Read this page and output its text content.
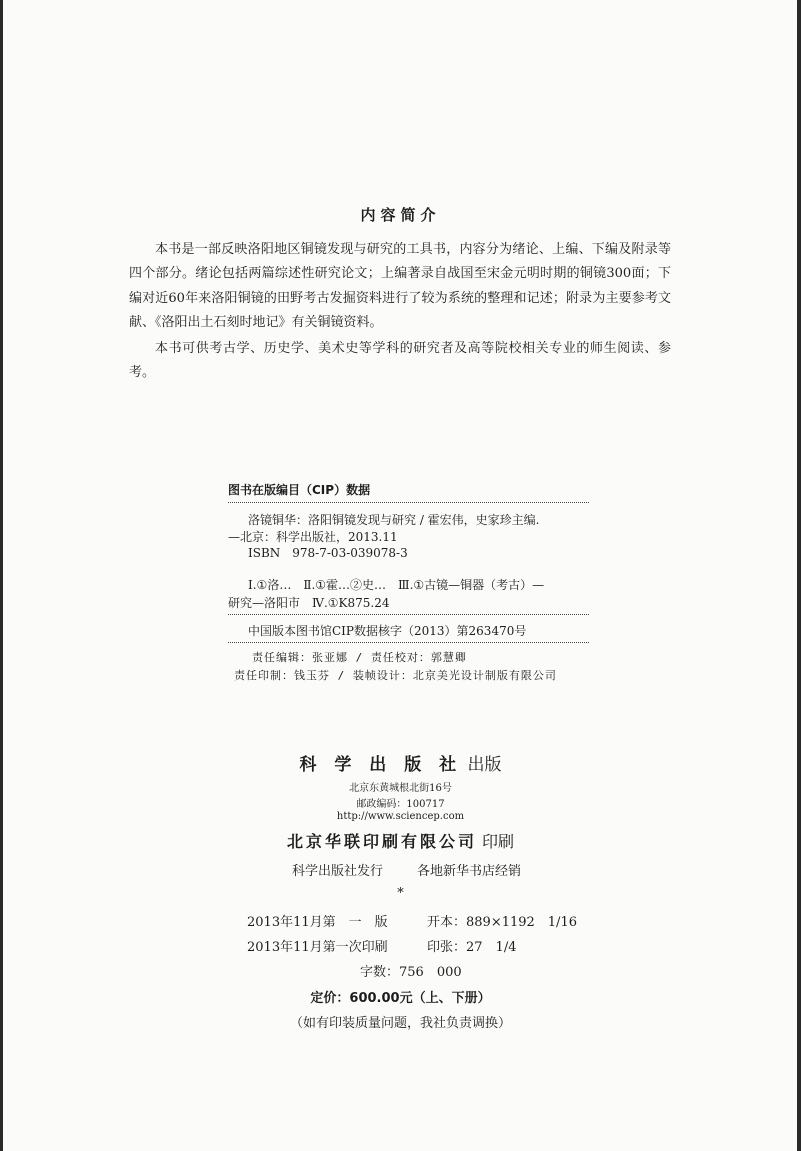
内容简介

本书是一部反映洛阳地区铜镜发现与研究的工具书，内容分为绪论、上编、下编及附录等四个部分。绪论包括两篇综述性研究论文；上编著录自战国至宋金元明时期的铜镜300面；下编对近60年来洛阳铜镜的田野考古发掘资料进行了较为系统的整理和记述；附录为主要参考文献、《洛阳出土石刻时地记》有关铜镜资料。

本书可供考古学、历史学、美术史等学科的研究者及高等院校相关专业的师生阅读、参考。

图书在版编目（CIP）数据
洛镜铜华：洛阳铜镜发现与研究 / 霍宏伟，史家珍主编.
—北京：科学出版社，2013.11
ISBN　978-7-03-039078-3
Ⅰ.①洛…　Ⅱ.①霍…②史…　Ⅲ.①古镜—铜器（考古）—
研究—洛阳市　Ⅳ.①K875.24
中国版本图书馆CIP数据核字（2013）第263470号
责任编辑：张亚娜 / 责任校对：郭慧卿
责任印制：钱玉芬 / 装帧设计：北京美光设计制版有限公司
科 学 出 版 社 出版
北京东黄城根北街16号
邮政编码：100717
http://www.sciencep.com
北京华联印刷有限公司 印刷
科学出版社发行	各地新华书店经销
*
2013年11月第　一　版	开本：889×1192　1/16
2013年11月第一次印刷	印张：27　1/4
字数：756　000
定价：600.00元（上、下册）
（如有印装质量问题，我社负责调换）
